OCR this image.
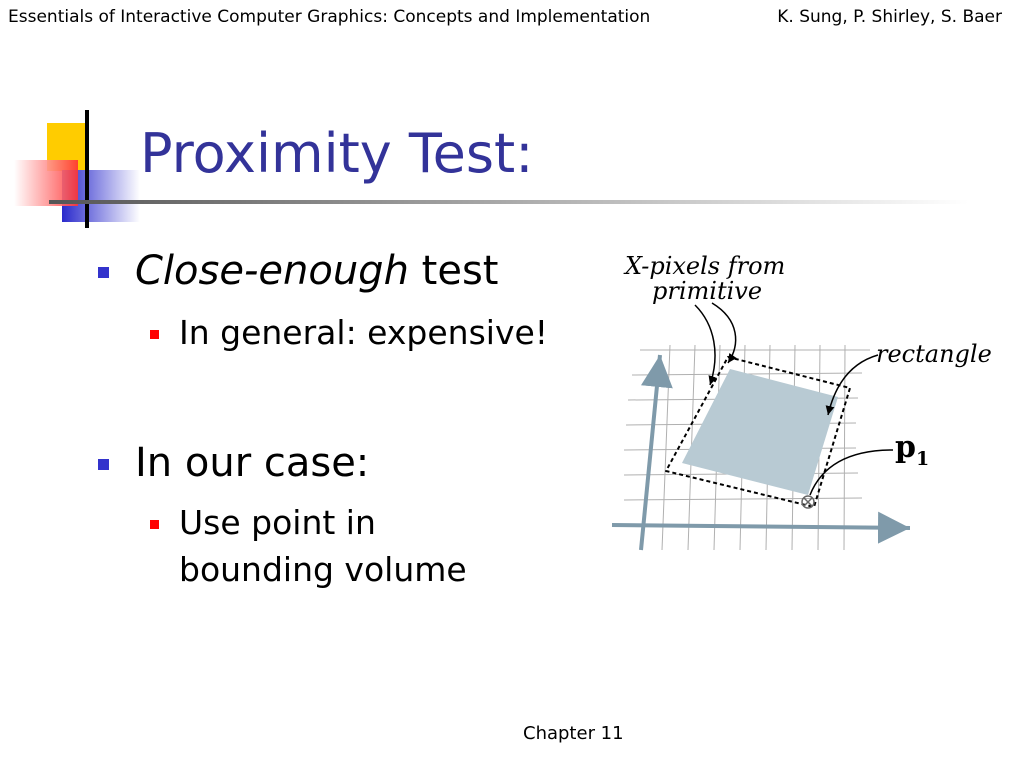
Essentials of Interactive Computer Graphics: Concepts and Implementation	K. Sung, P. Shirley, S. Baer
Proximity Test:
Close-enough test
In general: expensive!
In our case:
Use point in
bounding volume
X-pixels from
primitive
rectangle
$p_1$
Chapter 11
